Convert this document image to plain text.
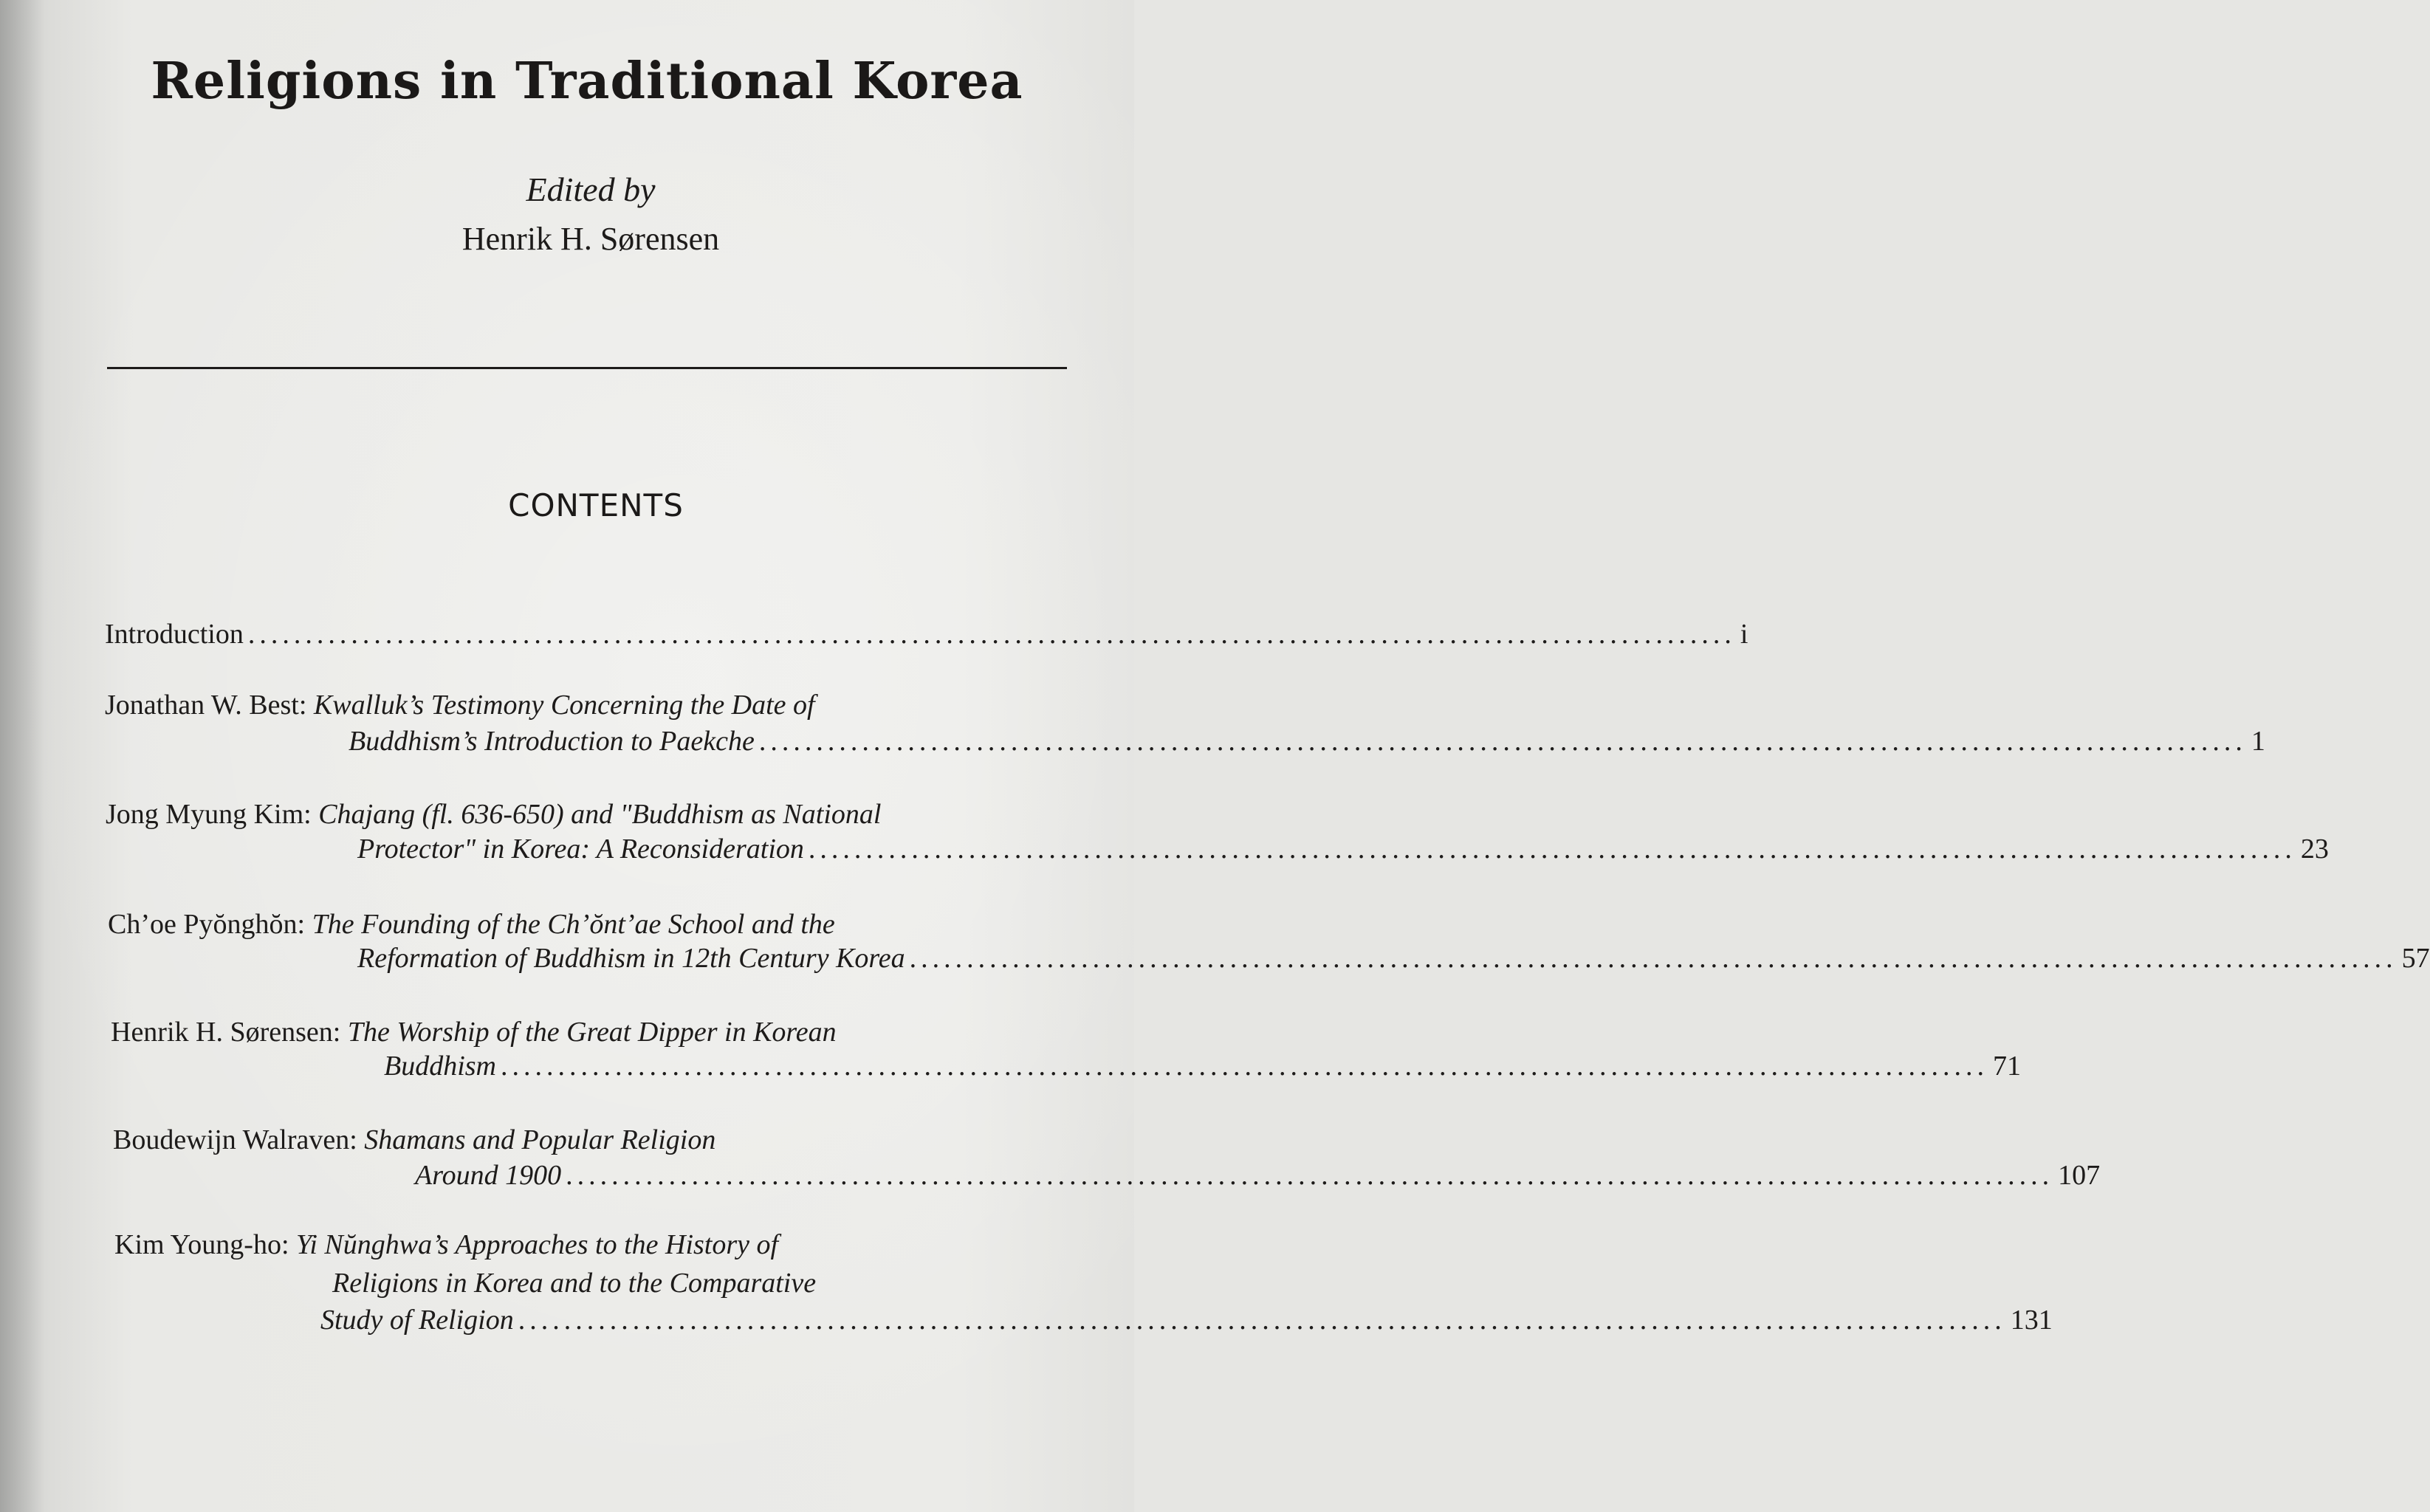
Religions in Traditional Korea
Edited by
Henrik H. Sørensen
CONTENTS
Introduction .................................................................................................................................. i
Jonathan W. Best: Kwalluk’s Testimony Concerning the Date of
Buddhism’s Introduction to Paekche .................................................................................................................................. 1
Jong Myung Kim: Chajang (fl. 636-650) and "Buddhism as National
Protector" in Korea: A Reconsideration .................................................................................................................................. 23
Ch’oe Pyŏnghŏn: The Founding of the Ch’ŏnt’ae School and the
Reformation of Buddhism in 12th Century Korea .................................................................................................................................. 57
Henrik H. Sørensen: The Worship of the Great Dipper in Korean
Buddhism .................................................................................................................................. 71
Boudewijn Walraven: Shamans and Popular Religion
Around 1900 .................................................................................................................................. 107
Kim Young-ho: Yi Nŭnghwa’s Approaches to the History of
Religions in Korea and to the Comparative
Study of Religion .................................................................................................................................. 131
